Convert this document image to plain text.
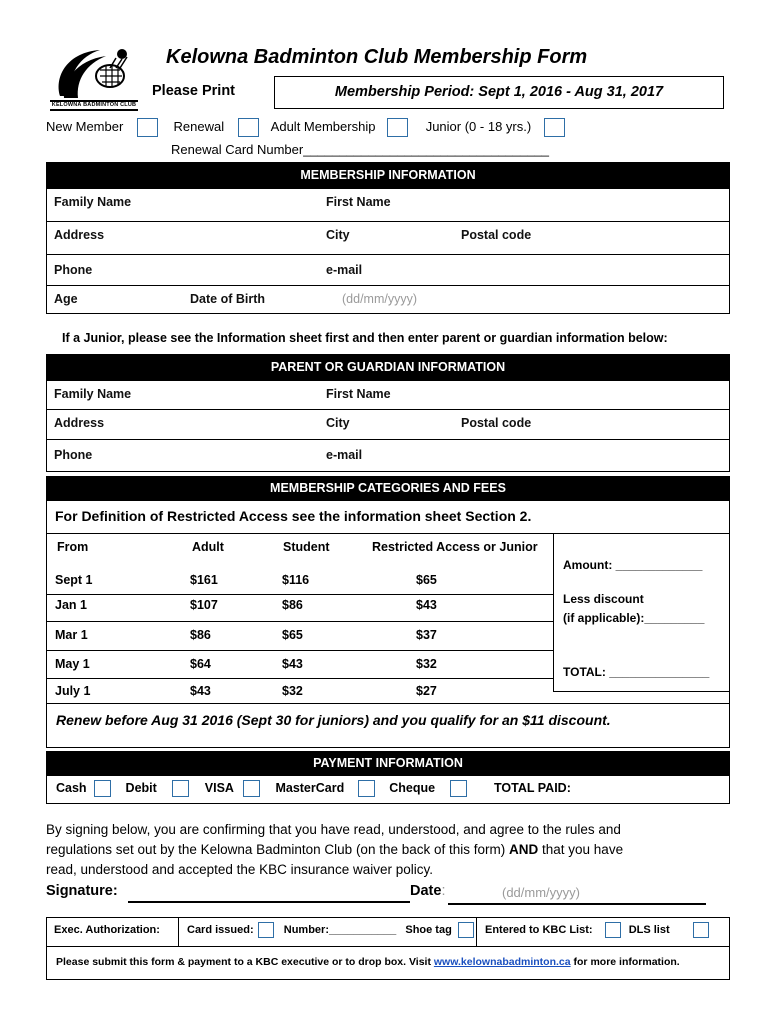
KELOWNA BADMINTON CLUB
Kelowna Badminton Club Membership Form
Please Print	Membership Period: Sept 1, 2016 - Aug 31, 2017
New Member	Renewal	Adult Membership	Junior (0 - 18 yrs.)
Renewal Card Number__________________________________
MEMBERSHIP INFORMATION
Family Name	First Name
Address	City	Postal code
Phone	e-mail
Age	Date of Birth	(dd/mm/yyyy)
If a Junior, please see the Information sheet first and then enter parent or guardian information below:
PARENT OR GUARDIAN INFORMATION
Family Name	First Name
Address	City	Postal code
Phone	e-mail
MEMBERSHIP CATEGORIES AND FEES
For Definition of Restricted Access see the information sheet Section 2.
From	Adult	Student	Restricted Access or Junior
Sept 1	$161	$116	$65
Jan 1	$107	$86	$43
Mar 1	$86	$65	$37
May 1	$64	$43	$32
July 1	$43	$32	$27
Amount: _____________
Less discount
(if applicable):_________
TOTAL: _______________
Renew before Aug 31 2016 (Sept 30 for juniors) and you qualify for an $11 discount.
PAYMENT INFORMATION
Cash	Debit	VISA	MasterCard	Cheque	TOTAL PAID:
By signing below, you are confirming that you have read, understood, and agree to the rules and
regulations set out by the Kelowna Badminton Club (on the back of this form) AND that you have
read, understood and accepted the KBC insurance waiver policy.
Signature:	Date:	(dd/mm/yyyy)
Exec. Authorization: Card issued:	Number:___________ Shoe tag	Entered to KBC List:	DLS list
Please submit this form & payment to a KBC executive or to drop box. Visit www.kelownabadminton.ca for more information.
